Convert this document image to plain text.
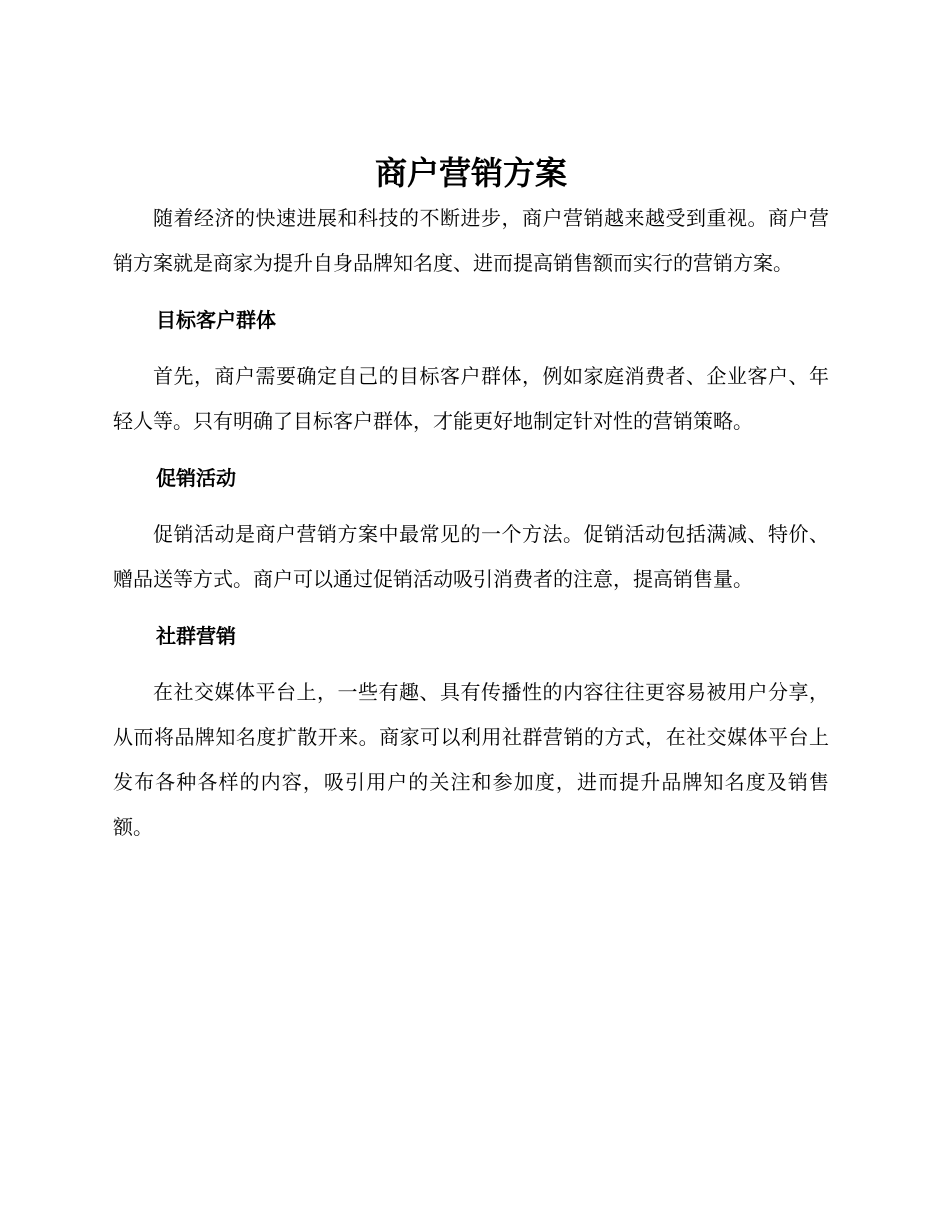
商户营销方案

随着经济的快速进展和科技的不断进步，商户营销越来越受到重视。商户营销方案就是商家为提升自身品牌知名度、进而提高销售额而实行的营销方案。

目标客户群体

首先，商户需要确定自己的目标客户群体，例如家庭消费者、企业客户、年轻人等。只有明确了目标客户群体，才能更好地制定针对性的营销策略。

促销活动

促销活动是商户营销方案中最常见的一个方法。促销活动包括满减、特价、赠品送等方式。商户可以通过促销活动吸引消费者的注意，提高销售量。

社群营销

在社交媒体平台上，一些有趣、具有传播性的内容往往更容易被用户分享，从而将品牌知名度扩散开来。商家可以利用社群营销的方式，在社交媒体平台上发布各种各样的内容，吸引用户的关注和参加度，进而提升品牌知名度及销售额。
